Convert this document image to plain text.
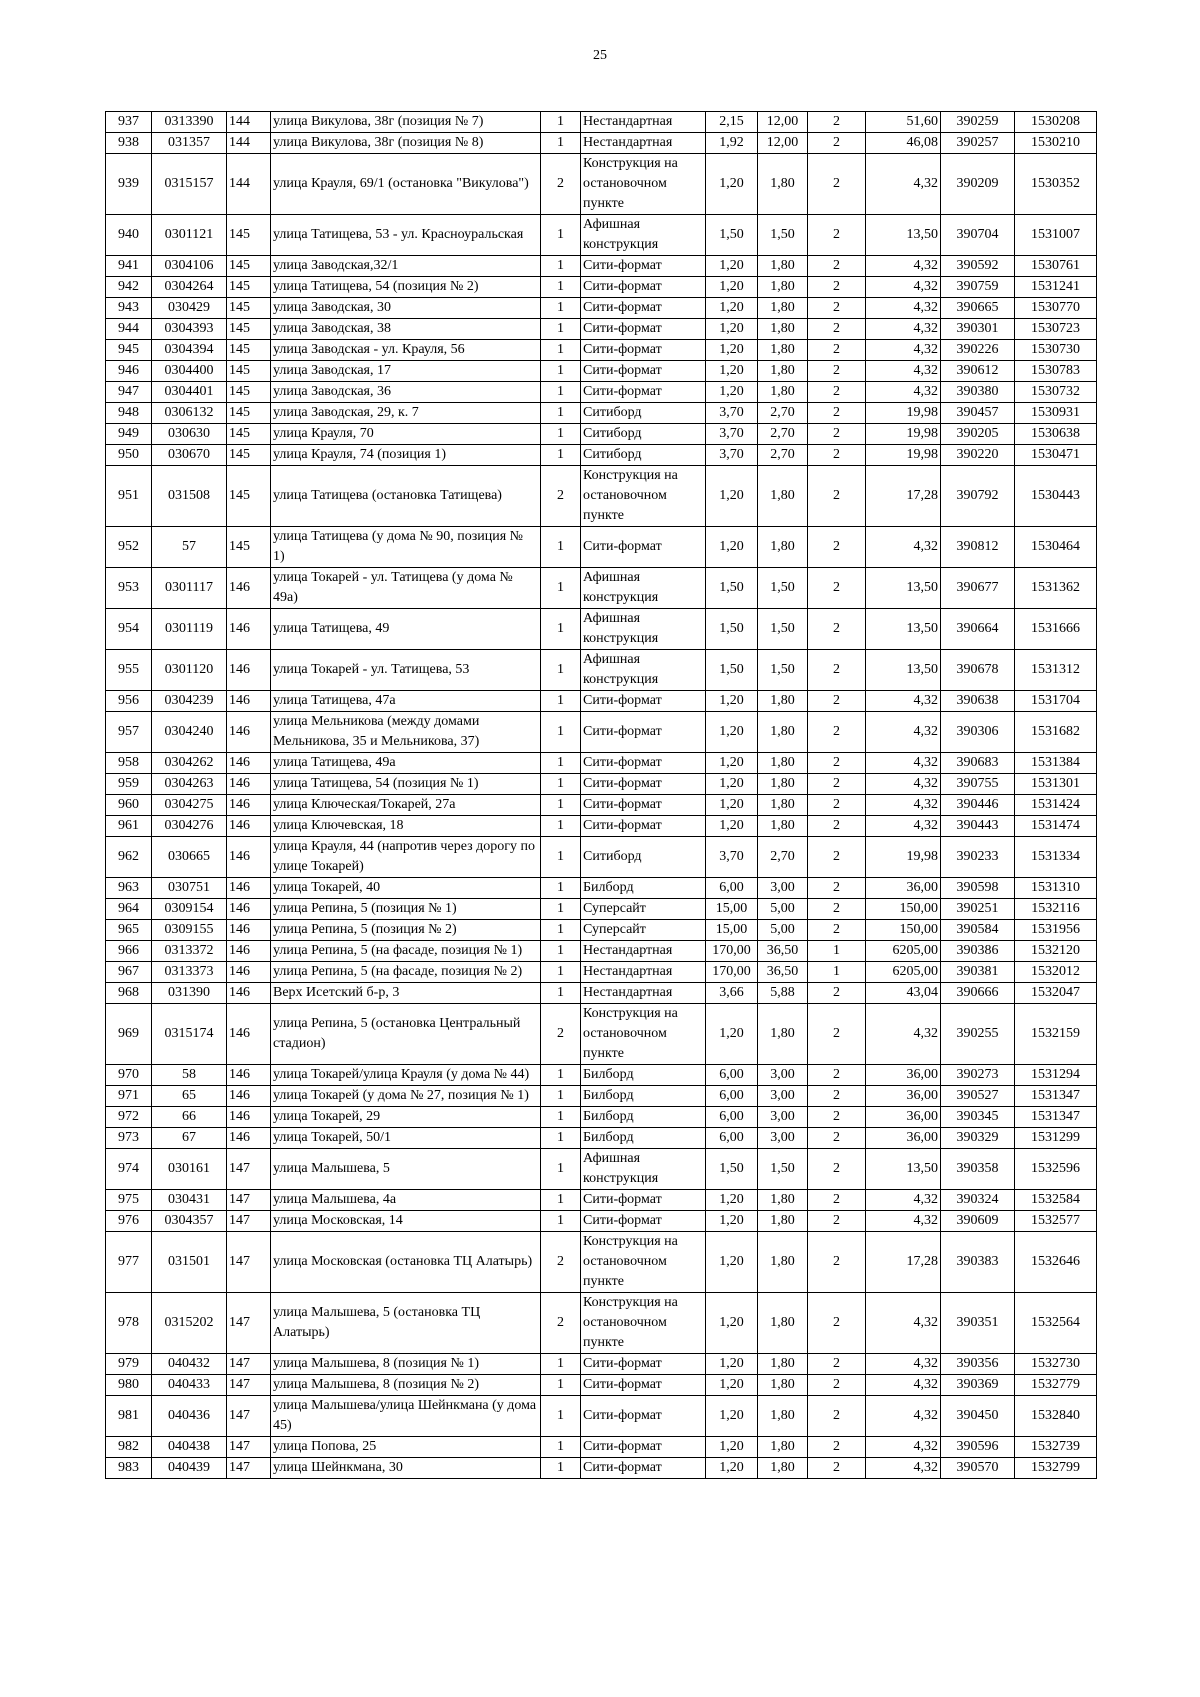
25
937	0313390	144	улица Викулова, 38г (позиция № 7)	1	Нестандартная	2,15	12,00	2	51,60	390259	1530208
938	031357	144	улица Викулова, 38г (позиция № 8)	1	Нестандартная	1,92	12,00	2	46,08	390257	1530210
939	0315157	144	улица Крауля, 69/1 (остановка "Викулова")	2	Конструкция на остановочном пункте	1,20	1,80	2	4,32	390209	1530352
940	0301121	145	улица Татищева, 53 - ул. Красноуральская	1	Афишная конструкция	1,50	1,50	2	13,50	390704	1531007
941	0304106	145	улица Заводская,32/1	1	Сити-формат	1,20	1,80	2	4,32	390592	1530761
942	0304264	145	улица Татищева, 54 (позиция № 2)	1	Сити-формат	1,20	1,80	2	4,32	390759	1531241
943	030429	145	улица Заводская, 30	1	Сити-формат	1,20	1,80	2	4,32	390665	1530770
944	0304393	145	улица Заводская, 38	1	Сити-формат	1,20	1,80	2	4,32	390301	1530723
945	0304394	145	улица Заводская - ул. Крауля, 56	1	Сити-формат	1,20	1,80	2	4,32	390226	1530730
946	0304400	145	улица Заводская, 17	1	Сити-формат	1,20	1,80	2	4,32	390612	1530783
947	0304401	145	улица Заводская, 36	1	Сити-формат	1,20	1,80	2	4,32	390380	1530732
948	0306132	145	улица Заводская, 29, к. 7	1	Ситиборд	3,70	2,70	2	19,98	390457	1530931
949	030630	145	улица Крауля, 70	1	Ситиборд	3,70	2,70	2	19,98	390205	1530638
950	030670	145	улица Крауля, 74 (позиция 1)	1	Ситиборд	3,70	2,70	2	19,98	390220	1530471
951	031508	145	улица Татищева (остановка Татищева)	2	Конструкция на остановочном пункте	1,20	1,80	2	17,28	390792	1530443
952	57	145	улица Татищева (у дома № 90, позиция № 1)	1	Сити-формат	1,20	1,80	2	4,32	390812	1530464
953	0301117	146	улица Токарей - ул. Татищева (у дома № 49а)	1	Афишная конструкция	1,50	1,50	2	13,50	390677	1531362
954	0301119	146	улица Татищева, 49	1	Афишная конструкция	1,50	1,50	2	13,50	390664	1531666
955	0301120	146	улица Токарей - ул. Татищева, 53	1	Афишная конструкция	1,50	1,50	2	13,50	390678	1531312
956	0304239	146	улица Татищева, 47а	1	Сити-формат	1,20	1,80	2	4,32	390638	1531704
957	0304240	146	улица Мельникова (между домами Мельникова, 35 и Мельникова, 37)	1	Сити-формат	1,20	1,80	2	4,32	390306	1531682
958	0304262	146	улица Татищева, 49а	1	Сити-формат	1,20	1,80	2	4,32	390683	1531384
959	0304263	146	улица Татищева, 54 (позиция № 1)	1	Сити-формат	1,20	1,80	2	4,32	390755	1531301
960	0304275	146	улица Ключеская/Токарей, 27а	1	Сити-формат	1,20	1,80	2	4,32	390446	1531424
961	0304276	146	улица Ключевская, 18	1	Сити-формат	1,20	1,80	2	4,32	390443	1531474
962	030665	146	улица Крауля, 44 (напротив через дорогу по улице Токарей)	1	Ситиборд	3,70	2,70	2	19,98	390233	1531334
963	030751	146	улица Токарей, 40	1	Билборд	6,00	3,00	2	36,00	390598	1531310
964	0309154	146	улица Репина, 5 (позиция № 1)	1	Суперсайт	15,00	5,00	2	150,00	390251	1532116
965	0309155	146	улица Репина, 5 (позиция № 2)	1	Суперсайт	15,00	5,00	2	150,00	390584	1531956
966	0313372	146	улица Репина, 5 (на фасаде, позиция № 1)	1	Нестандартная	170,00	36,50	1	6205,00	390386	1532120
967	0313373	146	улица Репина, 5 (на фасаде, позиция № 2)	1	Нестандартная	170,00	36,50	1	6205,00	390381	1532012
968	031390	146	Верх Исетский б-р, 3	1	Нестандартная	3,66	5,88	2	43,04	390666	1532047
969	0315174	146	улица Репина, 5 (остановка Центральный стадион)	2	Конструкция на остановочном пункте	1,20	1,80	2	4,32	390255	1532159
970	58	146	улица Токарей/улица Крауля (у дома № 44)	1	Билборд	6,00	3,00	2	36,00	390273	1531294
971	65	146	улица Токарей (у дома № 27, позиция № 1)	1	Билборд	6,00	3,00	2	36,00	390527	1531347
972	66	146	улица Токарей, 29	1	Билборд	6,00	3,00	2	36,00	390345	1531347
973	67	146	улица Токарей, 50/1	1	Билборд	6,00	3,00	2	36,00	390329	1531299
974	030161	147	улица Малышева, 5	1	Афишная конструкция	1,50	1,50	2	13,50	390358	1532596
975	030431	147	улица Малышева, 4а	1	Сити-формат	1,20	1,80	2	4,32	390324	1532584
976	0304357	147	улица Московская, 14	1	Сити-формат	1,20	1,80	2	4,32	390609	1532577
977	031501	147	улица Московская (остановка ТЦ Алатырь)	2	Конструкция на остановочном пункте	1,20	1,80	2	17,28	390383	1532646
978	0315202	147	улица Малышева, 5 (остановка ТЦ Алатырь)	2	Конструкция на остановочном пункте	1,20	1,80	2	4,32	390351	1532564
979	040432	147	улица Малышева, 8 (позиция № 1)	1	Сити-формат	1,20	1,80	2	4,32	390356	1532730
980	040433	147	улица Малышева, 8 (позиция № 2)	1	Сити-формат	1,20	1,80	2	4,32	390369	1532779
981	040436	147	улица Малышева/улица Шейнкмана (у дома 45)	1	Сити-формат	1,20	1,80	2	4,32	390450	1532840
982	040438	147	улица Попова, 25	1	Сити-формат	1,20	1,80	2	4,32	390596	1532739
983	040439	147	улица Шейнкмана, 30	1	Сити-формат	1,20	1,80	2	4,32	390570	1532799
